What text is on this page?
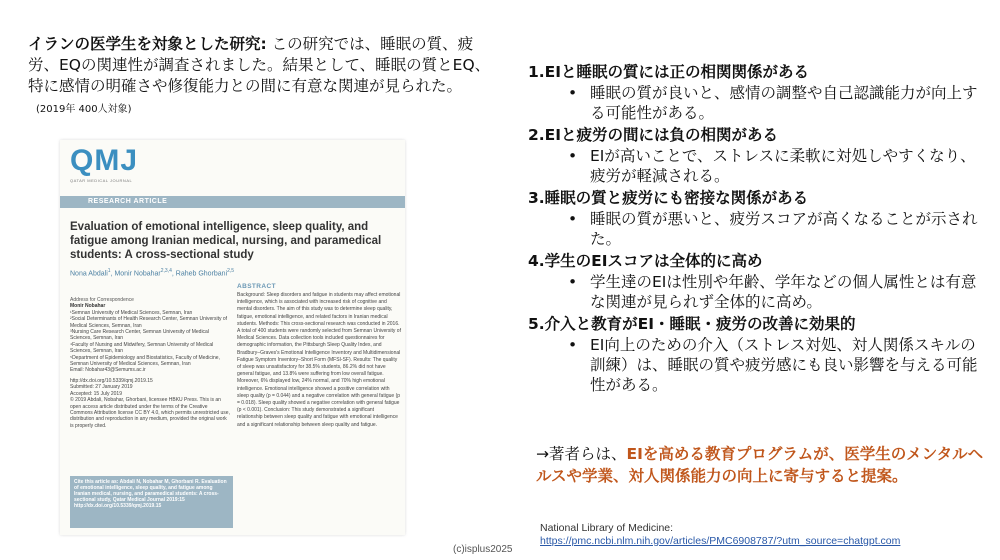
イランの医学生を対象とした研究: この研究では、睡眠の質、疲労、EQの関連性が調査されました。結果として、睡眠の質とEQ、特に感情の明確さや修復能力との間に有意な関連が見られた。(2019年 400人対象)
QMJ
QATAR MEDICAL JOURNAL
RESEARCH ARTICLE
Evaluation of emotional intelligence, sleep quality, and fatigue among Iranian medical, nursing, and paramedical students: A cross-sectional study
Nona Abdali$^1$, Monir Nobahar$^{2,3,4}$, Raheb Ghorbani$^{2,5}$
Address for Correspondence
Monir Nobahar
¹Semnan University of Medical Sciences, Semnan, Iran
²Social Determinants of Health Research Center, Semnan University of Medical Sciences, Semnan, Iran
³Nursing Care Research Center, Semnan University of Medical Sciences, Semnan, Iran
⁴Faculty of Nursing and Midwifery, Semnan University of Medical Sciences, Semnan, Iran
⁵Department of Epidemiology and Biostatistics, Faculty of Medicine, Semnan University of Medical Sciences, Semnan, Iran
Email: Nobahar43@Semums.ac.ir
http://dx.doi.org/10.5339/qmj.2019.15
Submitted: 27 January 2019
Accepted: 15 July 2019
© 2019 Abdali, Nobahar, Ghorbani, licensee HBKU Press. This is an open access article distributed under the terms of the Creative Commons Attribution license CC BY 4.0, which permits unrestricted use, distribution and reproduction in any medium, provided the original work is properly cited.
Cite this article as: Abdali N, Nobahar M, Ghorbani R. Evaluation of emotional intelligence, sleep quality, and fatigue among Iranian medical, nursing, and paramedical students: A cross-sectional study, Qatar Medical Journal 2019:15 http://dx.doi.org/10.5339/qmj.2019.15
ABSTRACT
Background: Sleep disorders and fatigue in students may affect emotional intelligence, which is associated with increased risk of cognitive and mental disorders. The aim of this study was to determine sleep quality, fatigue, emotional intelligence, and related factors in Iranian medical students. Methods: This cross-sectional research was conducted in 2016. A total of 400 students were randomly selected from Semnan University of Medical Sciences. Data collection tools included questionnaires for demographic information, the Pittsburgh Sleep Quality Index, and Bradbury–Graves's Emotional Intelligence Inventory and Multidimensional Fatigue Symptom Inventory–Short Form (MFSI-SF). Results: The quality of sleep was unsatisfactory for 38.5% students, 86.2% did not have general fatigue, and 13.8% were suffering from low overall fatigue. Moreover, 6% displayed low, 24% normal, and 70% high emotional intelligence. Emotional intelligence showed a positive correlation with sleep quality (p = 0.044) and a negative correlation with general fatigue (p = 0.018). Sleep quality showed a negative correlation with general fatigue (p < 0.001). Conclusion: This study demonstrated a significant relationship between sleep quality and fatigue with emotional intelligence and a significant relationship between sleep quality and fatigue.
1.EIと睡眠の質には正の相関関係がある
• 睡眠の質が良いと、感情の調整や自己認識能力が向上する可能性がある。
2.EIと疲労の間には負の相関がある
• EIが高いことで、ストレスに柔軟に対処しやすくなり、疲労が軽減される。
3.睡眠の質と疲労にも密接な関係がある
• 睡眠の質が悪いと、疲労スコアが高くなることが示された。
4.学生のEIスコアは全体的に高め
• 学生達のEIは性別や年齢、学年などの個人属性とは有意な関連が見られず全体的に高め。
5.介入と教育がEI・睡眠・疲労の改善に効果的
• EI向上のための介入（ストレス対処、対人関係スキルの訓練）は、睡眠の質や疲労感にも良い影響を与える可能性がある。
→著者らは、EIを高める教育プログラムが、医学生のメンタルヘルスや学業、対人関係能力の向上に寄与すると提案。
National Library of Medicine:
https://pmc.ncbi.nlm.nih.gov/articles/PMC6908787/?utm_source=chatgpt.com
(c)isplus2025
